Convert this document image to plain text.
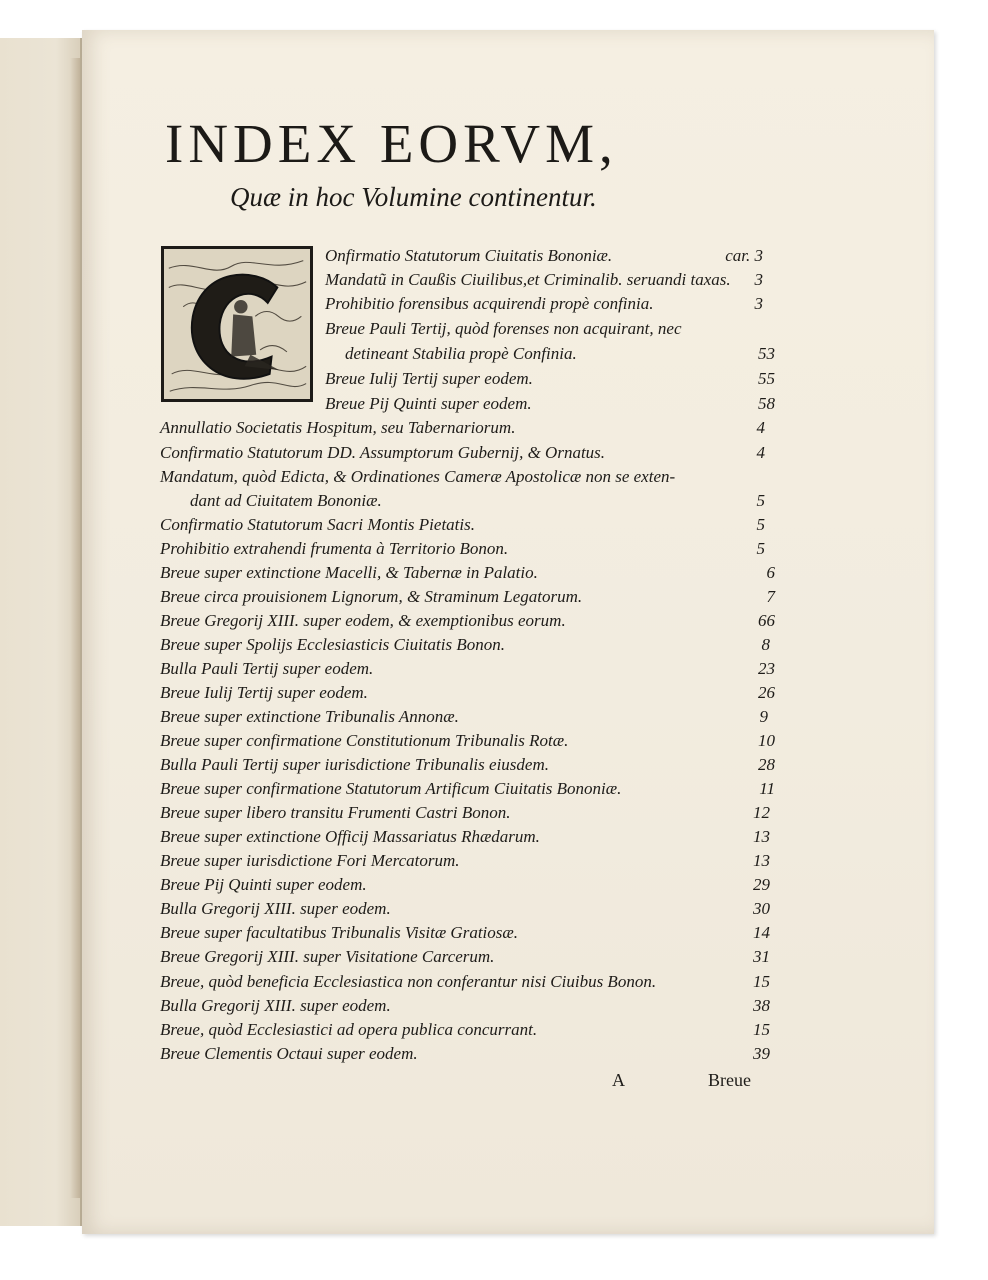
INDEX EORVM,
Quæ in hoc Volumine continentur.
Onfirmatio Statutorum Ciuitatis Bononiæ.	car. 3
Mandatũ in Caußis Ciuilibus,et Criminalib. seruandi taxas. 3
Prohibitio forensibus acquirendi propè confinia.	3
Breue Pauli Tertij, quòd forenses non acquirant, nec
detineant Stabilia propè Confinia.	53
Breue Iulij Tertij super eodem.	55
Breue Pij Quinti super eodem.	58
Annullatio Societatis Hospitum, seu Tabernariorum.	4
Confirmatio Statutorum DD. Assumptorum Gubernij, & Ornatus.	4
Mandatum, quòd Edicta, & Ordinationes Cameræ Apostolicæ non se exten-
dant ad Ciuitatem Bononiæ.	5
Confirmatio Statutorum Sacri Montis Pietatis.	5
Prohibitio extrahendi frumenta à Territorio Bonon.	5
Breue super extinctione Macelli, & Tabernæ in Palatio.	6
Breue circa prouisionem Lignorum, & Straminum Legatorum.	7
Breue Gregorij XIII. super eodem, & exemptionibus eorum.	66
Breue super Spolijs Ecclesiasticis Ciuitatis Bonon.	8
Bulla Pauli Tertij super eodem.	23
Breue Iulij Tertij super eodem.	26
Breue super extinctione Tribunalis Annonæ.	9
Breue super confirmatione Constitutionum Tribunalis Rotæ.	10
Bulla Pauli Tertij super iurisdictione Tribunalis eiusdem.	28
Breue super confirmatione Statutorum Artificum Ciuitatis Bononiæ.	11
Breue super libero transitu Frumenti Castri Bonon.	12
Breue super extinctione Officij Massariatus Rhædarum.	13
Breue super iurisdictione Fori Mercatorum.	13
Breue Pij Quinti super eodem.	29
Bulla Gregorij XIII. super eodem.	30
Breue super facultatibus Tribunalis Visitæ Gratiosæ.	14
Breue Gregorij XIII. super Visitatione Carcerum.	31
Breue, quòd beneficia Ecclesiastica non conferantur nisi Ciuibus Bonon.	15
Bulla Gregorij XIII. super eodem.	38
Breue, quòd Ecclesiastici ad opera publica concurrant.	15
Breue Clementis Octaui super eodem.	39
A	Breue
